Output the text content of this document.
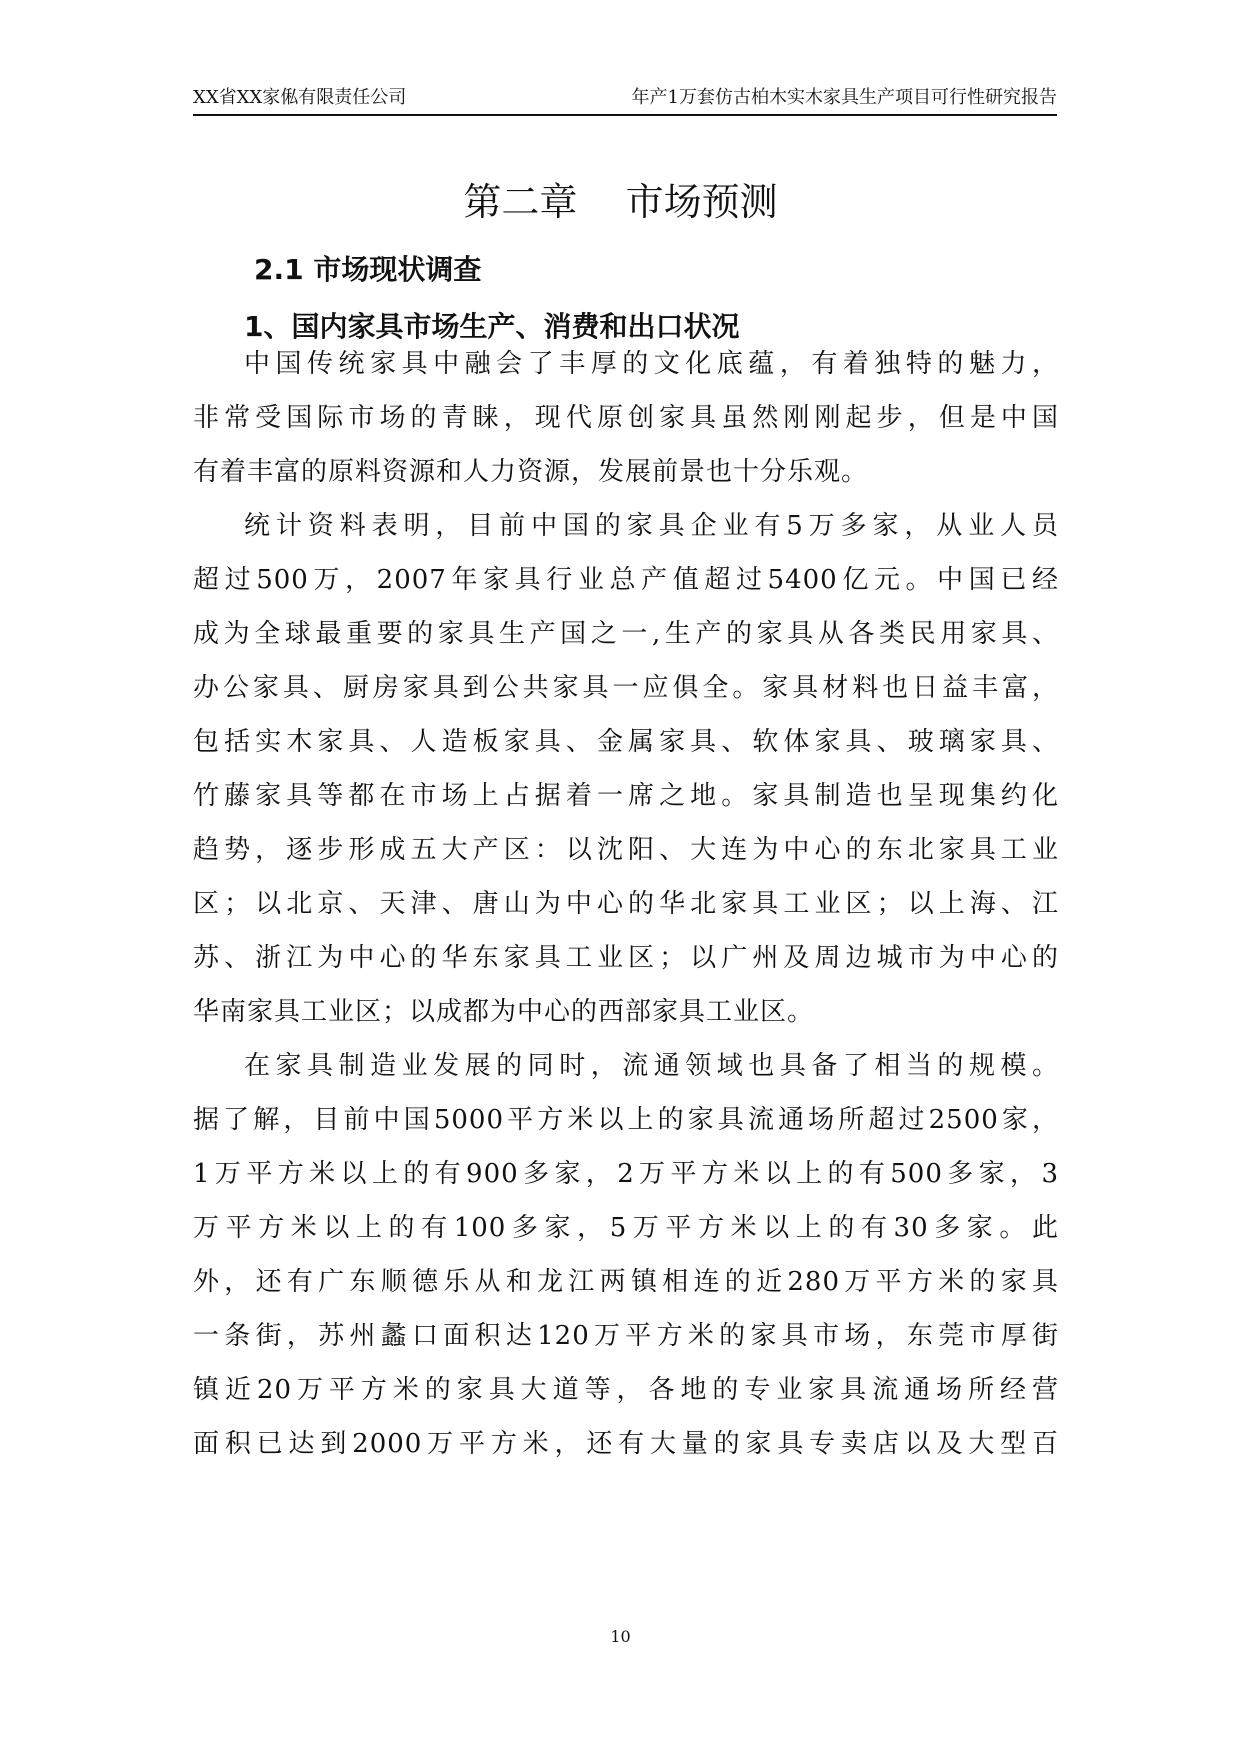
XX省XX家俬有限责任公司	年产1万套仿古柏木实木家具生产项目可行性研究报告
第二章    市场预测
2.1 市场现状调查
1、国内家具市场生产、消费和出口状况

中国传统家具中融会了丰厚的文化底蕴，有着独特的魅力，

非常受国际市场的青睐，现代原创家具虽然刚刚起步，但是中国

有着丰富的原料资源和人力资源，发展前景也十分乐观。

统计资料表明，目前中国的家具企业有5万多家，从业人员

超过500万，2007年家具行业总产值超过5400亿元。中国已经

成为全球最重要的家具生产国之一,生产的家具从各类民用家具、

办公家具、厨房家具到公共家具一应俱全。家具材料也日益丰富，

包括实木家具、人造板家具、金属家具、软体家具、玻璃家具、

竹藤家具等都在市场上占据着一席之地。家具制造也呈现集约化

趋势，逐步形成五大产区：以沈阳、大连为中心的东北家具工业

区；以北京、天津、唐山为中心的华北家具工业区；以上海、江

苏、浙江为中心的华东家具工业区；以广州及周边城市为中心的

华南家具工业区；以成都为中心的西部家具工业区。

在家具制造业发展的同时，流通领域也具备了相当的规模。

据了解，目前中国5000平方米以上的家具流通场所超过2500家，

1万平方米以上的有900多家，2万平方米以上的有500多家，3

万平方米以上的有100多家，5万平方米以上的有30多家。此

外，还有广东顺德乐从和龙江两镇相连的近280万平方米的家具

一条街，苏州蠡口面积达120万平方米的家具市场，东莞市厚街

镇近20万平方米的家具大道等，各地的专业家具流通场所经营

面积已达到2000万平方米，还有大量的家具专卖店以及大型百

10
